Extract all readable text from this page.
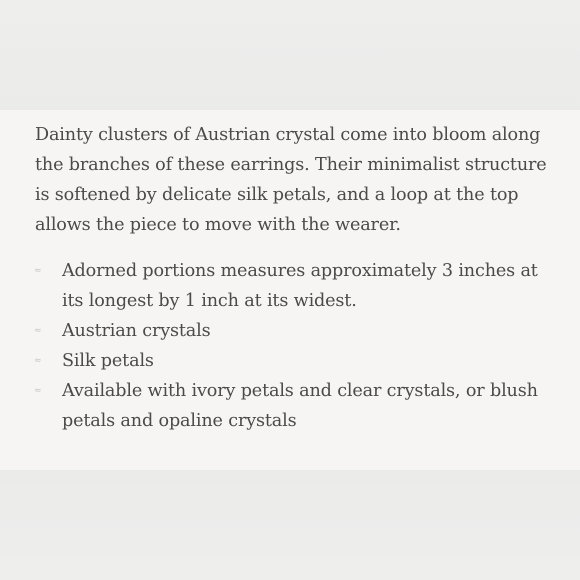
Dainty clusters of Austrian crystal come into bloom along the branches of these earrings. Their minimalist structure is softened by delicate silk petals, and a loop at the top allows the piece to move with the wearer.

≈ Adorned portions measures approximately 3 inches at its longest by 1 inch at its widest.
≈ Austrian crystals
≈ Silk petals
≈ Available with ivory petals and clear crystals, or blush petals and opaline crystals
